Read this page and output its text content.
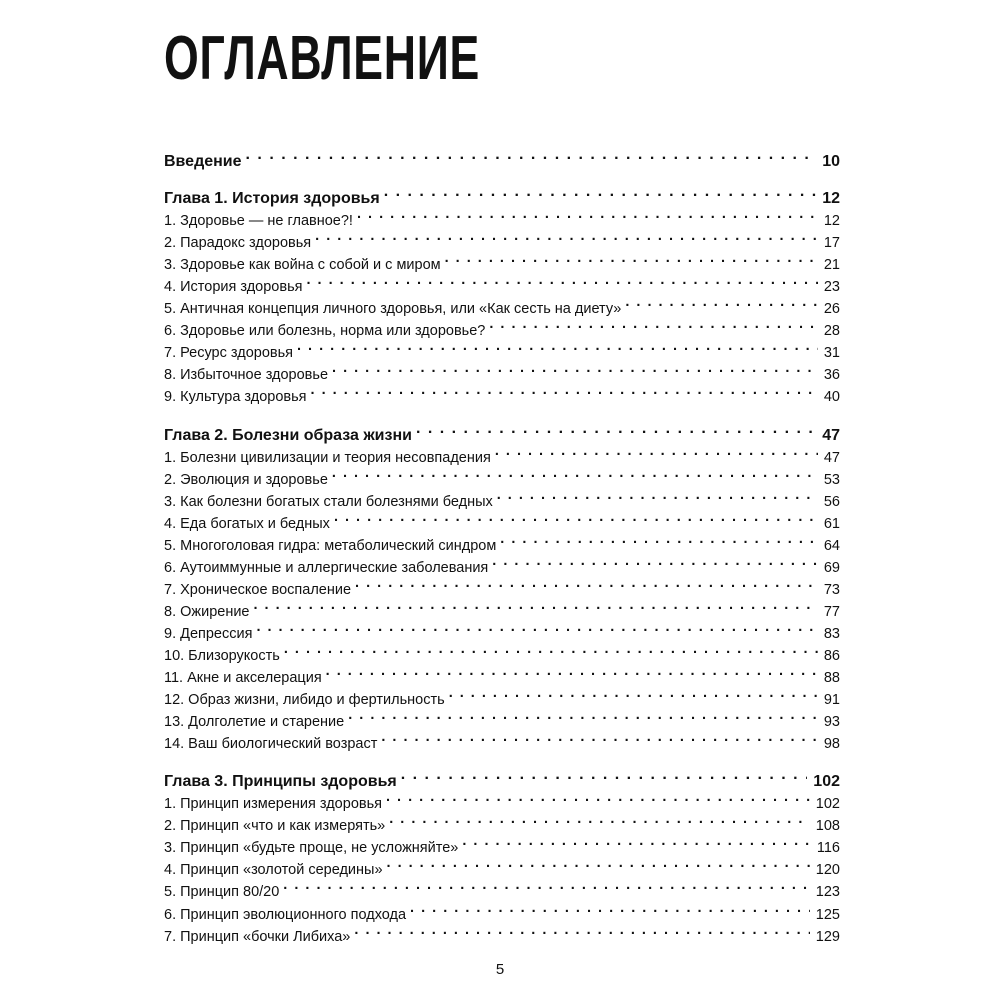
ОГЛАВЛЕНИЕ
Введение . . .	10
Глава 1. История здоровья . . .	12
1. Здоровье — не главное?! . . .	12
2. Парадокс здоровья . . .	17
3. Здоровье как война с собой и с миром . . .	21
4. История здоровья . . .	23
5. Античная концепция личного здоровья, или «Как сесть на диету» . . .	26
6. Здоровье или болезнь, норма или здоровье? . . .	28
7. Ресурс здоровья . . .	31
8. Избыточное здоровье . . .	36
9. Культура здоровья . . .	40
Глава 2. Болезни образа жизни . . .	47
1. Болезни цивилизации и теория несовпадения . . .	47
2. Эволюция и здоровье . . .	53
3. Как болезни богатых стали болезнями бедных . . .	56
4. Еда богатых и бедных . . .	61
5. Многоголовая гидра: метаболический синдром . . .	64
6. Аутоиммунные и аллергические заболевания . . .	69
7. Хроническое воспаление . . .	73
8. Ожирение . . .	77
9. Депрессия . . .	83
10. Близорукость . . .	86
11. Акне и акселерация . . .	88
12. Образ жизни, либидо и фертильность . . .	91
13. Долголетие и старение . . .	93
14. Ваш биологический возраст . . .	98
Глава 3. Принципы здоровья . . .	102
1. Принцип измерения здоровья . . .	102
2. Принцип «что и как измерять» . . .	108
3. Принцип «будьте проще, не усложняйте» . . .	116
4. Принцип «золотой середины» . . .	120
5. Принцип 80/20 . . .	123
6. Принцип эволюционного подхода . . .	125
7. Принцип «бочки Либиха» . . .	129
5
